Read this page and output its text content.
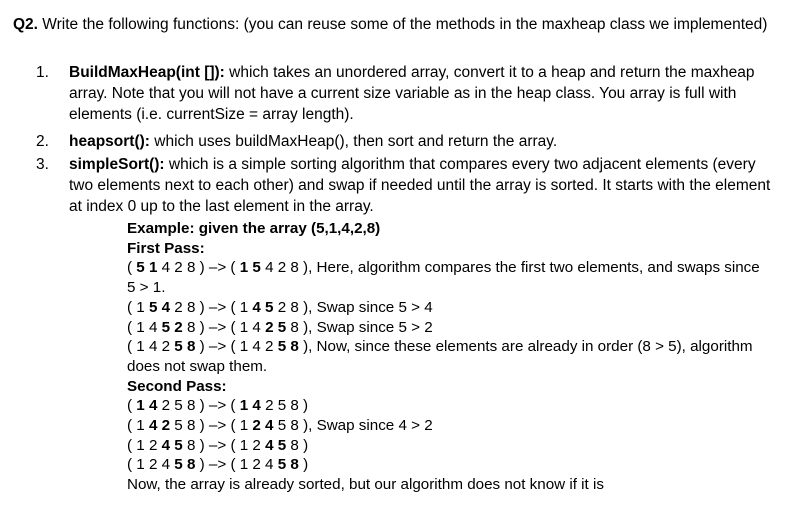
Q2. Write the following functions: (you can reuse some of the methods in the maxheap class we implemented)
1.	BuildMaxHeap(int []): which takes an unordered array, convert it to a heap and return the maxheap array. Note that you will not have a current size variable as in the heap class. You array is full with elements (i.e. currentSize = array length).
2.	heapsort(): which uses buildMaxHeap(), then sort and return the array.
3.	simpleSort(): which is a simple sorting algorithm that compares every two adjacent elements (every two elements next to each other) and swap if needed until the array is sorted. It starts with the element at index 0 up to the last element in the array.
Example: given the array (5,1,4,2,8)
First Pass:
( 5 1 4 2 8 ) –> ( 1 5 4 2 8 ), Here, algorithm compares the first two elements, and swaps since 5 > 1.
( 1 5 4 2 8 ) –> ( 1 4 5 2 8 ), Swap since 5 > 4
( 1 4 5 2 8 ) –> ( 1 4 2 5 8 ), Swap since 5 > 2
( 1 4 2 5 8 ) –> ( 1 4 2 5 8 ), Now, since these elements are already in order (8 > 5), algorithm does not swap them.
Second Pass:
( 1 4 2 5 8 ) –> ( 1 4 2 5 8 )
( 1 4 2 5 8 ) –> ( 1 2 4 5 8 ), Swap since 4 > 2
( 1 2 4 5 8 ) –> ( 1 2 4 5 8 )
( 1 2 4 5 8 ) –> ( 1 2 4 5 8 )
Now, the array is already sorted, but our algorithm does not know if it is
